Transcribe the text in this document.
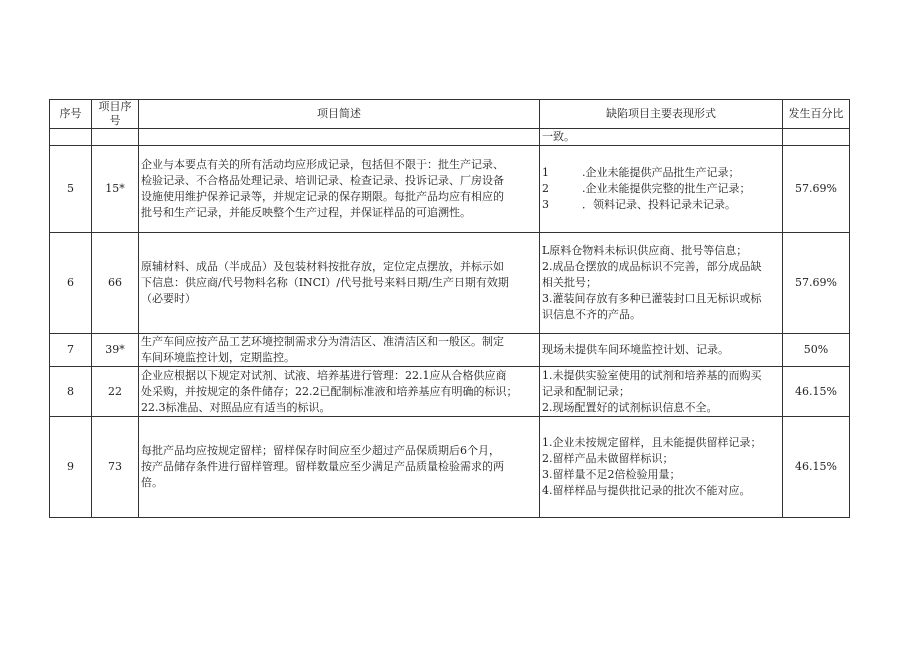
序号	项目序号	项目简述	缺陷项目主要表现形式	发生百分比
			一致。	
5	15*	企业与本要点有关的所有活动均应形成记录，包括但不限于：批生产记录、
检验记录、不合格品处理记录、培训记录、检查记录、投诉记录、厂房设备
设施使用维护保养记录等，并规定记录的保存期限。每批产品均应有相应的
批号和生产记录，并能反映整个生产过程，并保证样品的可追溯性。	1　　　.企业未能提供产品批生产记录；
2　　　.企业未能提供完整的批生产记录；
3　　　．领料记录、投料记录未记录。	57.69%
6	66	原辅材料、成品（半成品）及包装材料按批存放，定位定点摆放，并标示如
下信息：供应商/代号物料名称（INCI）/代号批号来料日期/生产日期有效期
（必要时）	L原料仓物料未标识供应商、批号等信息；
2.成品仓摆放的成品标识不完善，部分成品缺
相关批号；
3.灌装间存放有多种已灌装封口且无标识或标
识信息不齐的产品。	57.69%
7	39*	生产车间应按产品工艺环境控制需求分为清洁区、准清洁区和一般区。制定
车间环境监控计划，定期监控。	现场未提供车间环境监控计划、记录。	50%
8	22	企业应根据以下规定对试剂、试液、培养基进行管理：22.1应从合格供应商
处采购，并按规定的条件储存；22.2已配制标准液和培养基应有明确的标识；
22.3标准品、对照品应有适当的标识。	1.未提供实验室使用的试剂和培养基的而购买
记录和配制记录；
2.现场配置好的试剂标识信息不全。	46.15%
9	73	每批产品均应按规定留样；留样保存时间应至少超过产品保质期后6个月，
按产品储存条件进行留样管理。留样数量应至少满足产品质量检验需求的两
倍。	1.企业未按规定留样，且未能提供留样记录；
2.留样产品未做留样标识；
3.留样量不足2倍检验用量；
4.留样样品与提供批记录的批次不能对应。	46.15%
